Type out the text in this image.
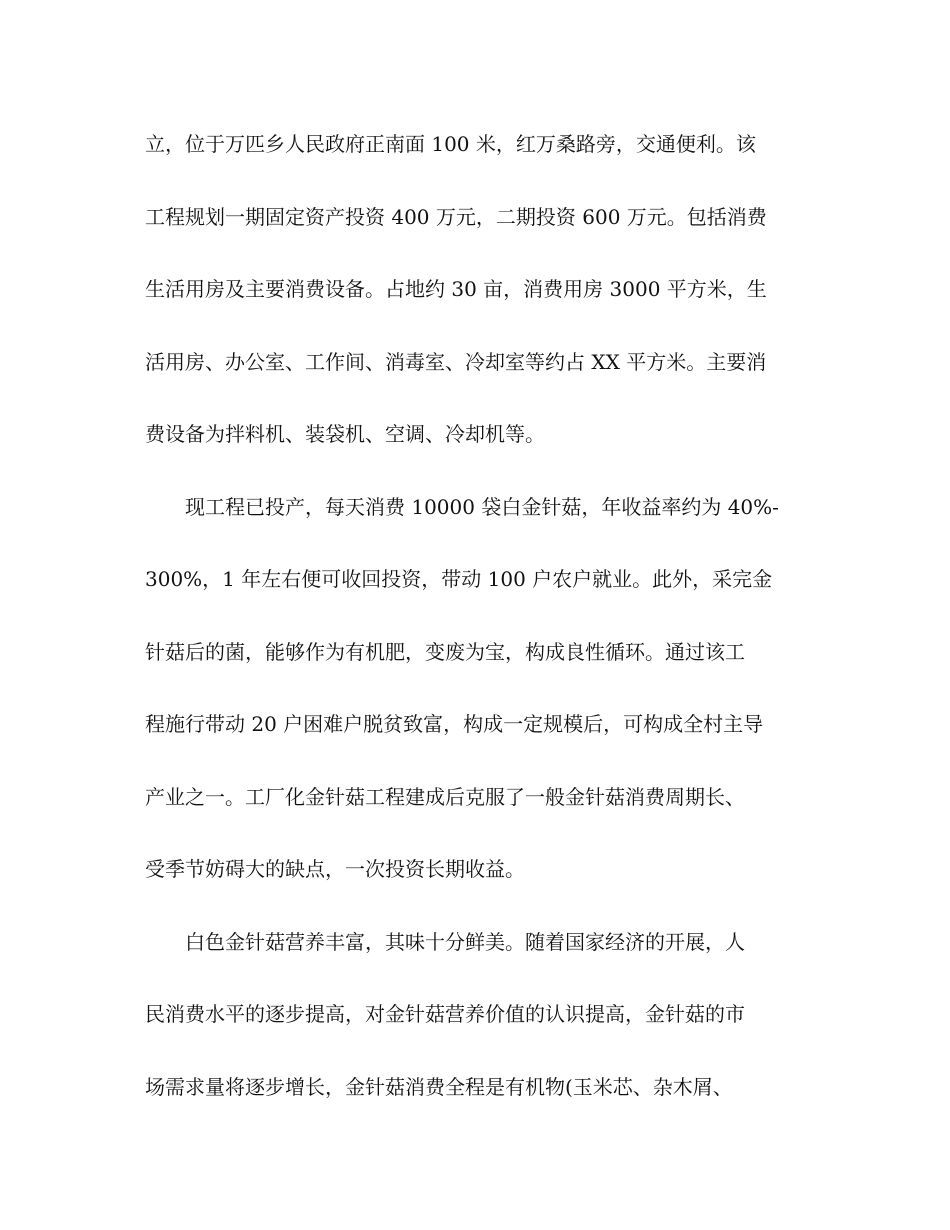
立，位于万匹乡人民政府正南面 100 米，红万桑路旁，交通便利。该
工程规划一期固定资产投资 400 万元，二期投资 600 万元。包括消费
生活用房及主要消费设备。占地约 30 亩，消费用房 3000 平方米，生
活用房、办公室、工作间、消毒室、冷却室等约占 XX 平方米。主要消
费设备为拌料机、装袋机、空调、冷却机等。
现工程已投产，每天消费 10000 袋白金针菇，年收益率约为 40%-
300%，1 年左右便可收回投资，带动 100 户农户就业。此外，采完金
针菇后的菌，能够作为有机肥，变废为宝，构成良性循环。通过该工
程施行带动 20 户困难户脱贫致富，构成一定规模后，可构成全村主导
产业之一。工厂化金针菇工程建成后克服了一般金针菇消费周期长、
受季节妨碍大的缺点，一次投资长期收益。
白色金针菇营养丰富，其味十分鲜美。随着国家经济的开展，人
民消费水平的逐步提高，对金针菇营养价值的认识提高，金针菇的市
场需求量将逐步增长，金针菇消费全程是有机物(玉米芯、杂木屑、
